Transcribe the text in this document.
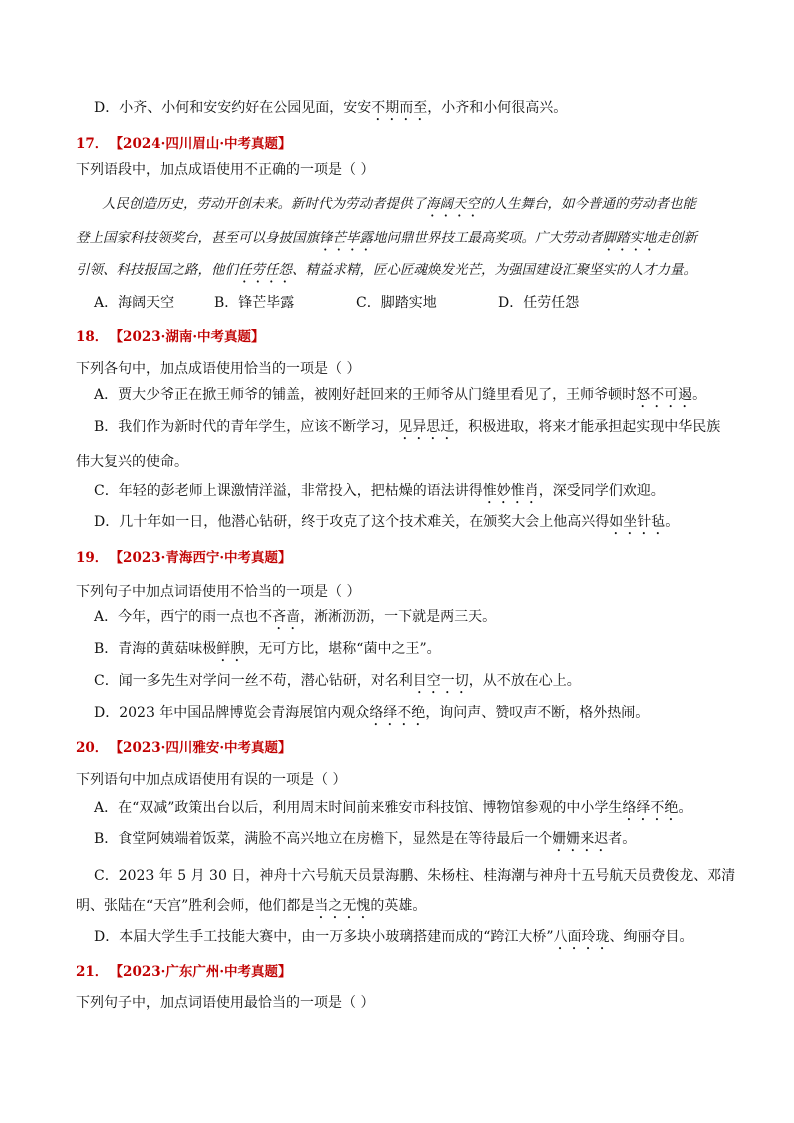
D．小齐、小何和安安约好在公园见面，安安不期而至，小齐和小何很高兴。
17． 【2024·四川眉山·中考真题】
下列语段中，加点成语使用不正确的一项是（ ）
人民创造历史，劳动开创未来。新时代为劳动者提供了海阔天空的人生舞台，如今普通的劳动者也能
登上国家科技领奖台，甚至可以身披国旗锋芒毕露地问鼎世界技工最高奖项。广大劳动者脚踏实地走创新
引领、科技报国之路，他们任劳任怨、精益求精，匠心匠魂焕发光芒，为强国建设汇聚坚实的人才力量。
A．海阔天空	B．锋芒毕露	C．脚踏实地	D．任劳任怨
18． 【2023·湖南·中考真题】
下列各句中，加点成语使用恰当的一项是（ ）
A．贾大少爷正在掀王师爷的铺盖，被刚好赶回来的王师爷从门缝里看见了，王师爷顿时怒不可遏。
B．我们作为新时代的青年学生，应该不断学习，见异思迁，积极进取，将来才能承担起实现中华民族
伟大复兴的使命。
C．年轻的彭老师上课激情洋溢，非常投入，把枯燥的语法讲得惟妙惟肖，深受同学们欢迎。
D．几十年如一日，他潜心钻研，终于攻克了这个技术难关，在颁奖大会上他高兴得如坐针毡。
19． 【2023·青海西宁·中考真题】
下列句子中加点词语使用不恰当的一项是（ ）
A．今年，西宁的雨一点也不吝啬，淅淅沥沥，一下就是两三天。
B．青海的黄菇味极鲜腴，无可方比，堪称“菌中之王”。
C．闻一多先生对学问一丝不苟，潜心钻研，对名利目空一切，从不放在心上。
D．2023 年中国品牌博览会青海展馆内观众络绎不绝，询问声、赞叹声不断，格外热闹。
20． 【2023·四川雅安·中考真题】
下列语句中加点成语使用有误的一项是（ ）
A．在“双减”政策出台以后，利用周末时间前来雅安市科技馆、博物馆参观的中小学生络绎不绝。
B．食堂阿姨端着饭菜，满脸不高兴地立在房檐下，显然是在等待最后一个姗姗来迟者。
C．2023 年 5 月 30 日，神舟十六号航天员景海鹏、朱杨柱、桂海潮与神舟十五号航天员费俊龙、邓清
明、张陆在“天宫”胜利会师，他们都是当之无愧的英雄。
D．本届大学生手工技能大赛中，由一万多块小玻璃搭建而成的“跨江大桥”八面玲珑、绚丽夺目。
21． 【2023·广东广州·中考真题】
下列句子中，加点词语使用最恰当的一项是（ ）
